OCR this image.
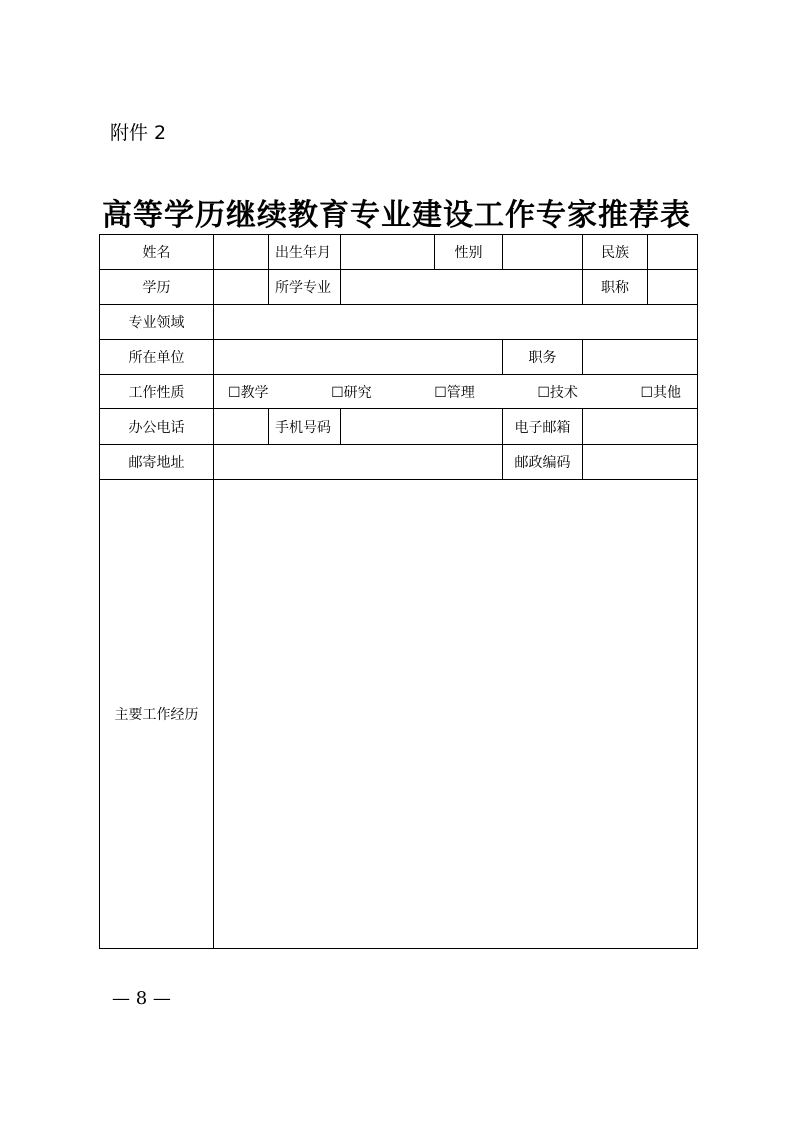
附件 2
高等学历继续教育专业建设工作专家推荐表
姓名		出生年月		性别		民族	
学历		所学专业				职称	
专业领域							
所在单位					职务		
工作性质	☐教学 ☐研究 ☐管理 ☐技术 ☐其他						

办公电话		手机号码			电子邮箱		
邮寄地址					邮政编码		
主要工作经历							
— 8 —
